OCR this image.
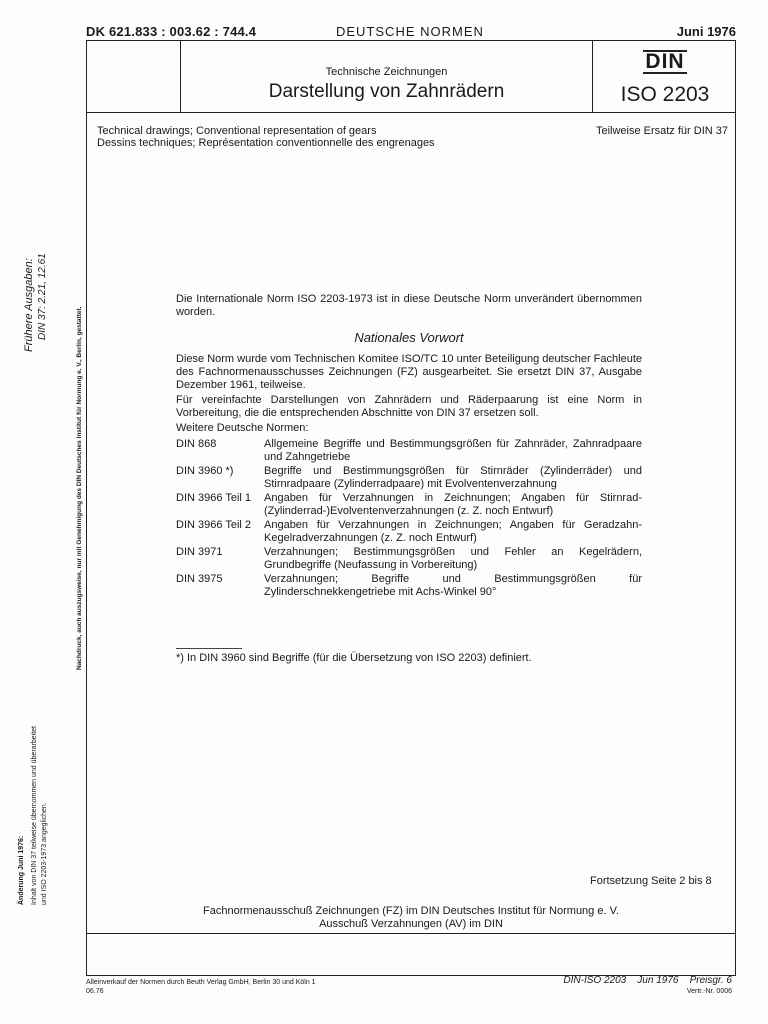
DK 621.833 : 003.62 : 744.4	DEUTSCHE NORMEN	Juni 1976
Technische Zeichnungen
Darstellung von Zahnrädern
DIN
ISO 2203
Technical drawings; Conventional representation of gears
Dessins techniques; Représentation conventionnelle des engrenages
Teilweise Ersatz für DIN 37
Die Internationale Norm ISO 2203-1973 ist in diese Deutsche Norm unverändert übernommen worden.
Nationales Vorwort
Diese Norm wurde vom Technischen Komitee ISO/TC 10 unter Beteiligung deutscher Fachleute des Fachnormenausschusses Zeichnungen (FZ) ausgearbeitet. Sie ersetzt DIN 37, Ausgabe Dezember 1961, teilweise.
Für vereinfachte Darstellungen von Zahnrädern und Räderpaarung ist eine Norm in Vorbereitung, die die entsprechenden Abschnitte von DIN 37 ersetzen soll.
Weitere Deutsche Normen:
DIN 868	Allgemeine Begriffe und Bestimmungsgrößen für Zahnräder, Zahnradpaare und Zahngetriebe
DIN 3960 *)	Begriffe und Bestimmungsgrößen für Stirnräder (Zylinderräder) und Stirnradpaare (Zylinderradpaare) mit Evolventenverzahnung
DIN 3966 Teil 1	Angaben für Verzahnungen in Zeichnungen; Angaben für Stirnrad-(Zylinderrad-)Evolventenverzahnungen (z. Z. noch Entwurf)
DIN 3966 Teil 2	Angaben für Verzahnungen in Zeichnungen; Angaben für Geradzahn-Kegelradverzahnungen (z. Z. noch Entwurf)
DIN 3971	Verzahnungen; Bestimmungsgrößen und Fehler an Kegelrädern, Grundbegriffe (Neufassung in Vorbereitung)
DIN 3975	Verzahnungen; Begriffe und Bestimmungsgrößen für Zylinderschnekkengetriebe mit Achs-Winkel 90°
*) In DIN 3960 sind Begriffe (für die Übersetzung von ISO 2203) definiert.
Fortsetzung Seite 2 bis 8
Fachnormenausschuß Zeichnungen (FZ) im DIN Deutsches Institut für Normung e. V.
Ausschuß Verzahnungen (AV) im DIN
Alleinverkauf der Normen durch Beuth Verlag GmbH, Berlin 30 und Köln 1
06.76
DIN-ISO 2203    Jun 1976    Preisgr. 6
Vertr.-Nr. 0006
Frühere Ausgaben: DIN 37: 2.21, 12.61
Nachdruck, auch auszugsweise, nur mit Genehmigung des DIN Deutsches Institut für Normung e. V., Berlin, gestattet.
Änderung Juni 1976: Inhalt von DIN 37 teilweise übernommen und überarbeitet und ISO 2203-1973 angeglichen.
